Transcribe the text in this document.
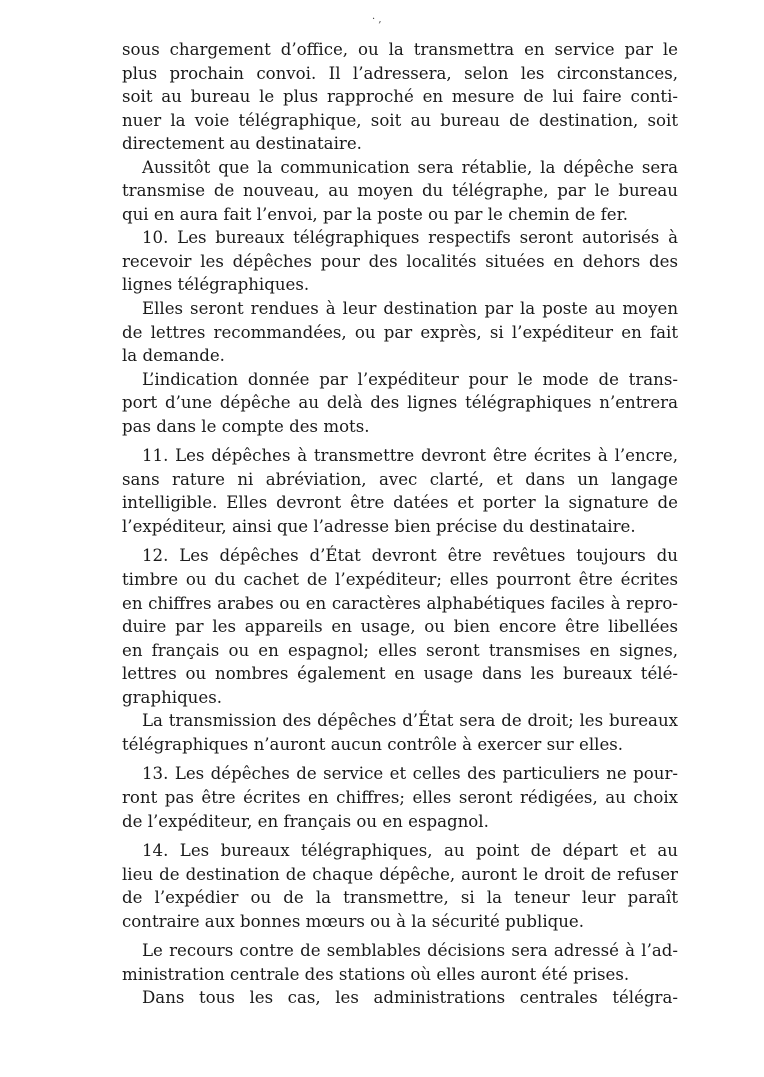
· ,
sous chargement d’office, ou la transmettra en service par le
plus prochain convoi. Il l’adressera, selon les circonstances,
soit au bureau le plus rapproché en mesure de lui faire conti-
nuer la voie télégraphique, soit au bureau de destination, soit
directement au destinataire.
Aussitôt que la communication sera rétablie, la dépêche sera
transmise de nouveau, au moyen du télégraphe, par le bureau
qui en aura fait l’envoi, par la poste ou par le chemin de fer.
10. Les bureaux télégraphiques respectifs seront autorisés à
recevoir les dépêches pour des localités situées en dehors des
lignes télégraphiques.
Elles seront rendues à leur destination par la poste au moyen
de lettres recommandées, ou par exprès, si l’expéditeur en fait
la demande.
L’indication donnée par l’expéditeur pour le mode de trans-
port d’une dépêche au delà des lignes télégraphiques n’entrera
pas dans le compte des mots.
11. Les dépêches à transmettre devront être écrites à l’encre,
sans rature ni abréviation, avec clarté, et dans un langage
intelligible. Elles devront être datées et porter la signature de
l’expéditeur, ainsi que l’adresse bien précise du destinataire.
12. Les dépêches d’État devront être revêtues toujours du
timbre ou du cachet de l’expéditeur; elles pourront être écrites
en chiffres arabes ou en caractères alphabétiques faciles à repro-
duire par les appareils en usage, ou bien encore être libellées
en français ou en espagnol; elles seront transmises en signes,
lettres ou nombres également en usage dans les bureaux télé-
graphiques.
La transmission des dépêches d’État sera de droit; les bureaux
télégraphiques n’auront aucun contrôle à exercer sur elles.
13. Les dépêches de service et celles des particuliers ne pour-
ront pas être écrites en chiffres; elles seront rédigées, au choix
de l’expéditeur, en français ou en espagnol.
14. Les bureaux télégraphiques, au point de départ et au
lieu de destination de chaque dépêche, auront le droit de refuser
de l’expédier ou de la transmettre, si la teneur leur paraît
contraire aux bonnes mœurs ou à la sécurité publique.
Le recours contre de semblables décisions sera adressé à l’ad-
ministration centrale des stations où elles auront été prises.
Dans tous les cas, les administrations centrales télégra-
